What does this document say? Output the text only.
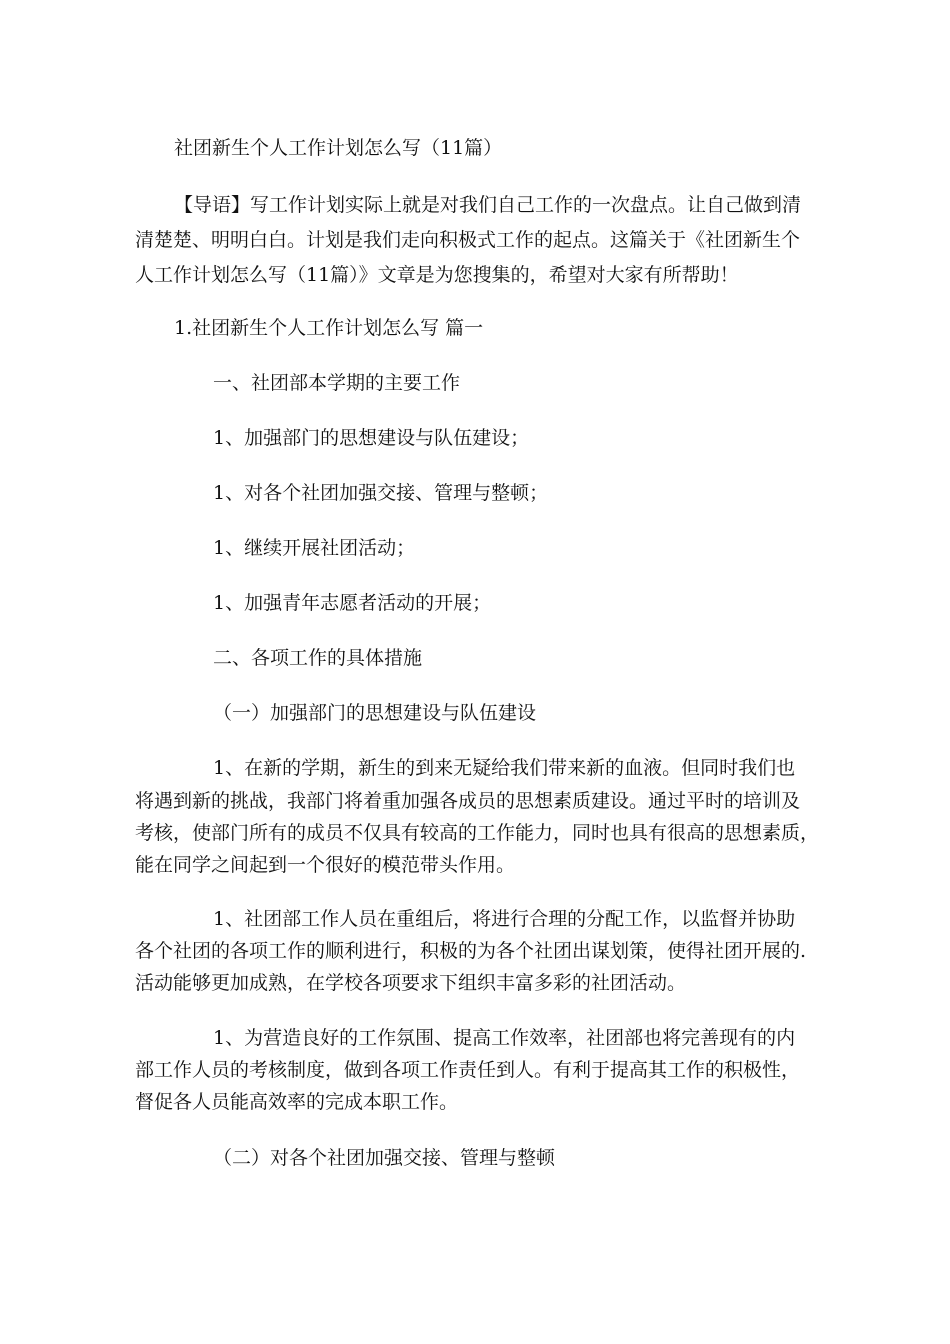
社团新生个人工作计划怎么写（11篇）

【导语】写工作计划实际上就是对我们自己工作的一次盘点。让自己做到清

清楚楚、明明白白。计划是我们走向积极式工作的起点。这篇关于《社团新生个

人工作计划怎么写（11篇）》文章是为您搜集的，希望对大家有所帮助！

1.社团新生个人工作计划怎么写 篇一

一、社团部本学期的主要工作

1、加强部门的思想建设与队伍建设；

1、对各个社团加强交接、管理与整顿；

1、继续开展社团活动；

1、加强青年志愿者活动的开展；

二、各项工作的具体措施

（一）加强部门的思想建设与队伍建设

1、在新的学期，新生的到来无疑给我们带来新的血液。但同时我们也

将遇到新的挑战，我部门将着重加强各成员的思想素质建设。通过平时的培训及

考核，使部门所有的成员不仅具有较高的工作能力，同时也具有很高的思想素质，

能在同学之间起到一个很好的模范带头作用。

1、社团部工作人员在重组后，将进行合理的分配工作，以监督并协助

各个社团的各项工作的顺利进行，积极的为各个社团出谋划策，使得社团开展的.

活动能够更加成熟，在学校各项要求下组织丰富多彩的社团活动。

1、为营造良好的工作氛围、提高工作效率，社团部也将完善现有的内

部工作人员的考核制度，做到各项工作责任到人。有利于提高其工作的积极性，

督促各人员能高效率的完成本职工作。

（二）对各个社团加强交接、管理与整顿
